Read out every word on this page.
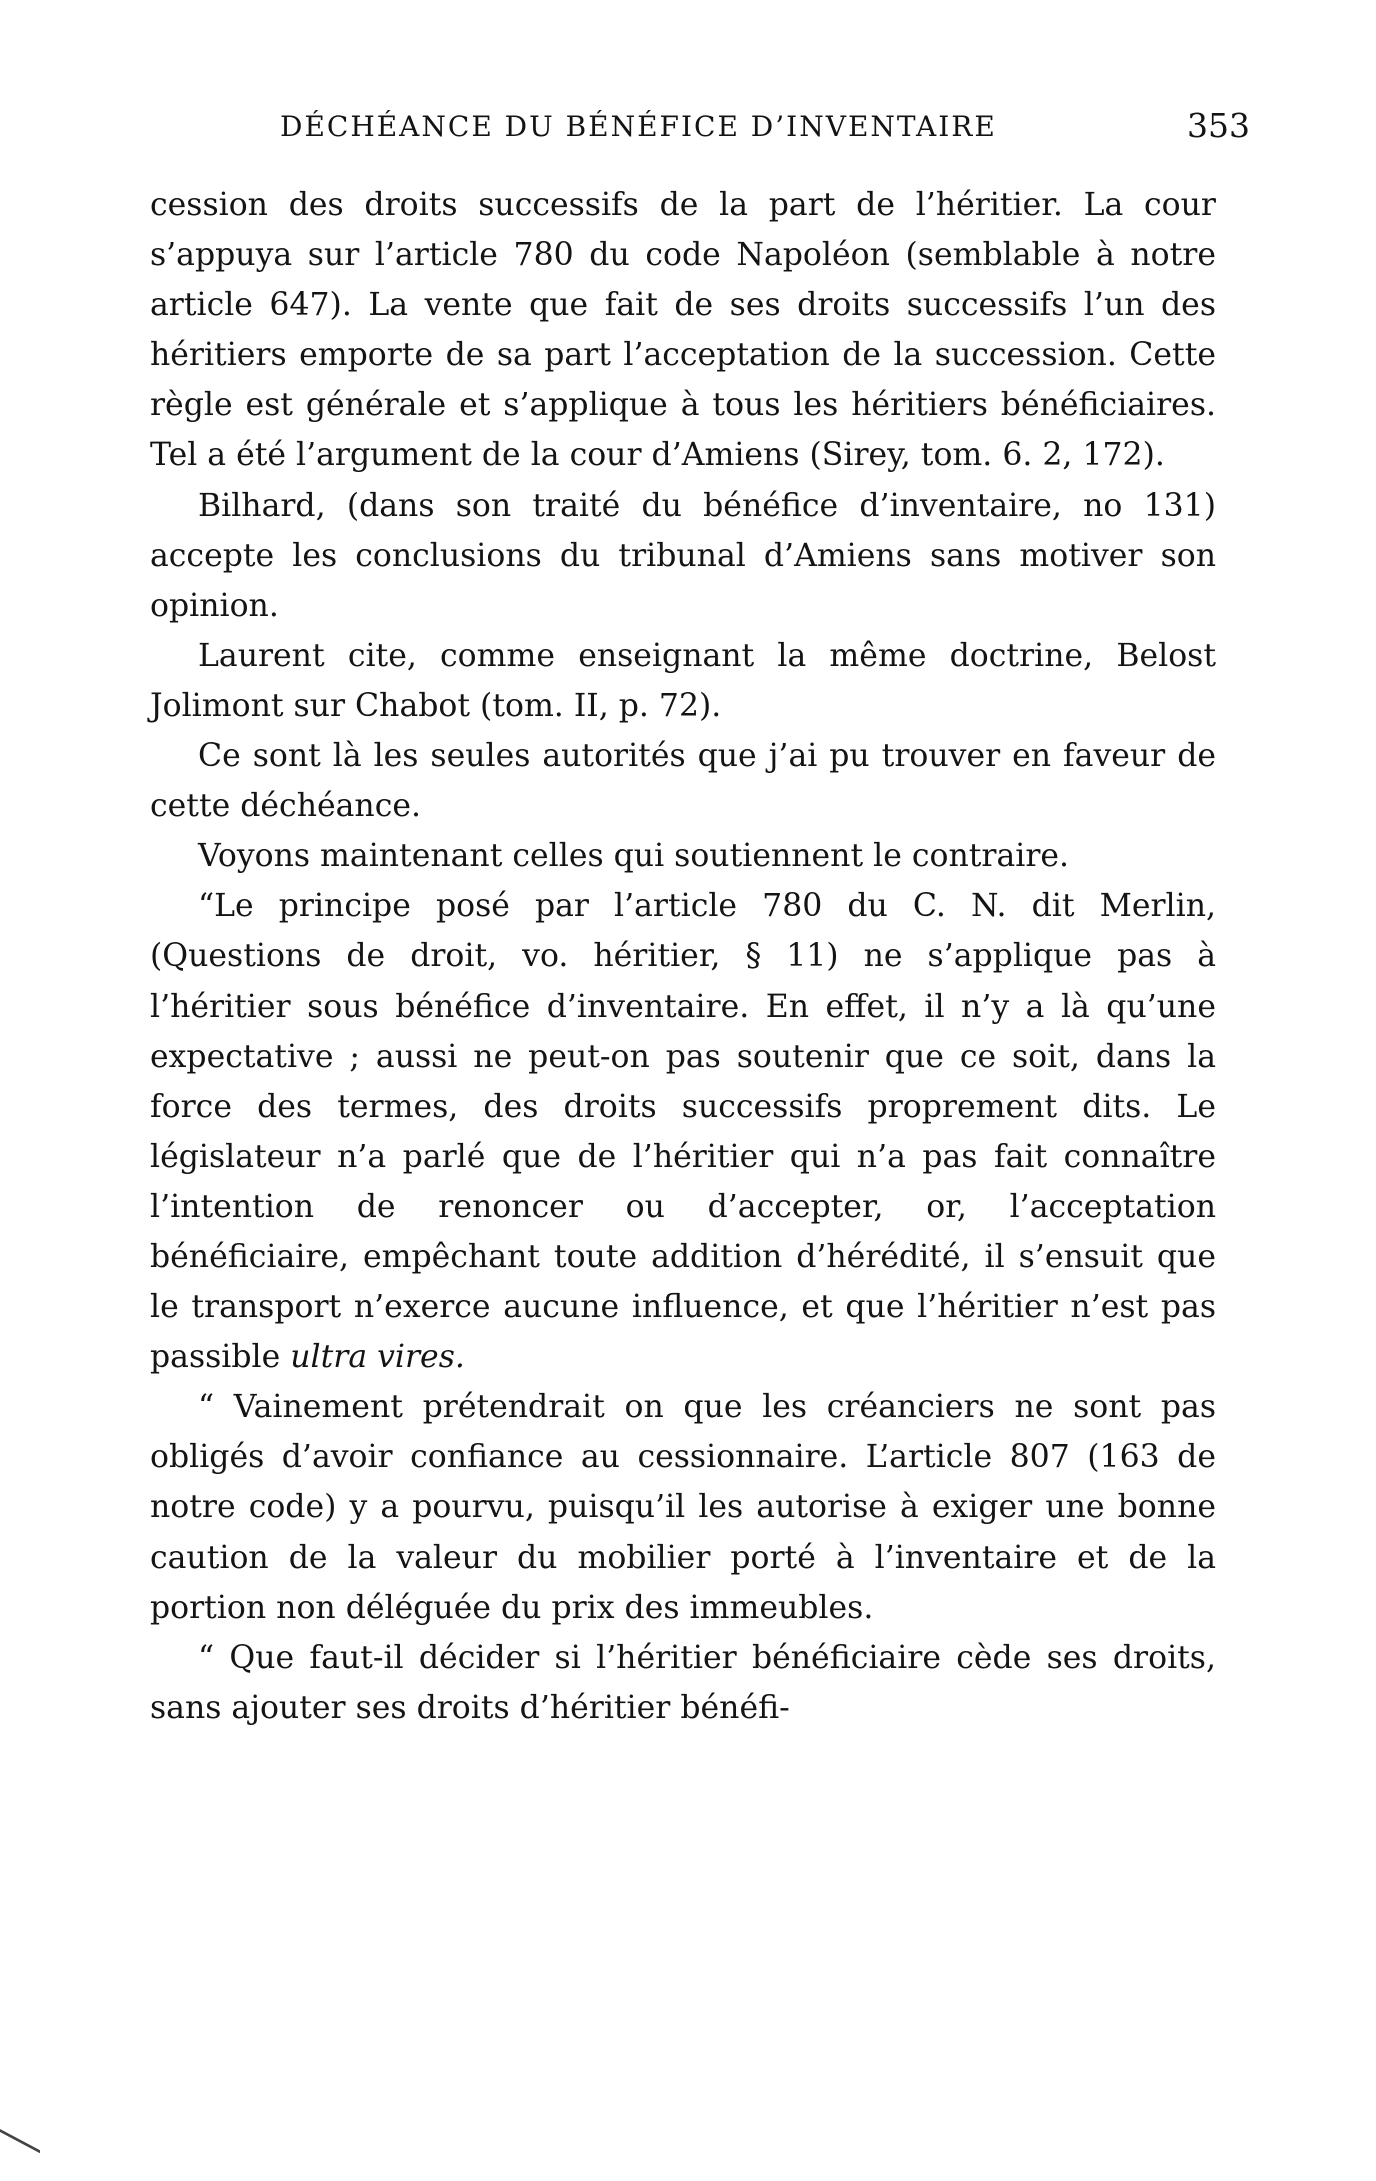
DÉCHÉANCE DU BÉNÉFICE D’INVENTAIRE	353

cession des droits successifs de la part de l’héritier. La cour s’appuya sur l’article 780 du code Napoléon (semblable à notre article 647). La vente que fait de ses droits successifs l’un des héritiers emporte de sa part l’acceptation de la succession. Cette règle est générale et s’applique à tous les héritiers bénéficiaires. Tel a été l’argument de la cour d’Amiens (Sirey, tom. 6. 2, 172).

Bilhard, (dans son traité du bénéfice d’inventaire, no 131) accepte les conclusions du tribunal d’Amiens sans motiver son opinion.

Laurent cite, comme enseignant la même doctrine, Belost Jolimont sur Chabot (tom. II, p. 72).

Ce sont là les seules autorités que j’ai pu trouver en faveur de cette déchéance.

Voyons maintenant celles qui soutiennent le contraire.

“Le principe posé par l’article 780 du C. N. dit Merlin, (Questions de droit, vo. héritier, § 11) ne s’applique pas à l’héritier sous bénéfice d’inventaire. En effet, il n’y a là qu’une expectative ; aussi ne peut-on pas soutenir que ce soit, dans la force des termes, des droits successifs proprement dits. Le législateur n’a parlé que de l’héritier qui n’a pas fait connaître l’intention de renoncer ou d’accepter, or, l’acceptation bénéficiaire, empêchant toute addition d’hérédité, il s’ensuit que le transport n’exerce aucune influence, et que l’héritier n’est pas passible ultra vires.

“ Vainement prétendrait on que les créanciers ne sont pas obligés d’avoir confiance au cessionnaire. L’article 807 (163 de notre code) y a pourvu, puisqu’il les autorise à exiger une bonne caution de la valeur du mobilier porté à l’inventaire et de la portion non déléguée du prix des immeubles.

“ Que faut-il décider si l’héritier bénéficiaire cède ses droits, sans ajouter ses droits d’héritier bénéfi-
